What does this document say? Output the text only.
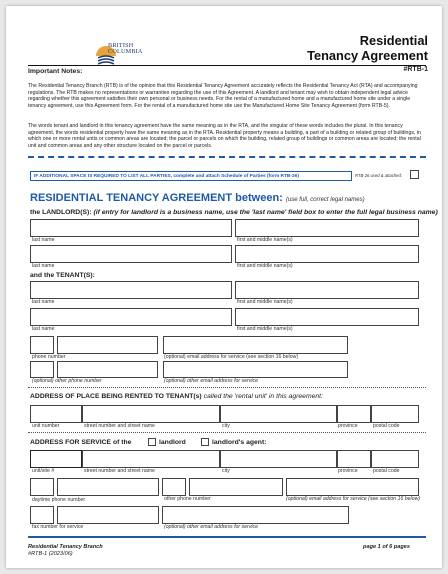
BRITISH
COLUMBIA
Residential
Tenancy Agreement
#RTB-1
Important Notes:
The Residential Tenancy Branch (RTB) is of the opinion that this Residential Tenancy Agreement accurately reflects the Residential Tenancy Act (RTA) and accompanying regulations. The RTB makes no representations or warranties regarding the use of this Agreement. A landlord and tenant may wish to obtain independent legal advice regarding whether this agreement satisfies their own personal or business needs. For the rental of a manufactured home and a manufactured home site under a single tenancy agreement, use this Agreement form. For the rental of a manufactured home site use the Manufactured Home Site Tenancy Agreement (form RTB-5).
The words tenant and landlord in this tenancy agreement have the same meaning as in the RTA, and the singular of these words includes the plural. In this tenancy agreement, the words residential property have the same meaning as in the RTA. Residential property means a building, a part of a building or related group of buildings, in which one or more rental units or common areas are located; the parcel or parcels on which the building, related group of buildings or common areas are located; the rental unit and common areas and any other structure located on the parcel or parcels.
IF ADDITIONAL SPACE IS REQUIRED TO LIST ALL PARTIES, complete and attach Schedule of Parties (form RTB-26)	RTB-26 used & attached:
RESIDENTIAL TENANCY AGREEMENT between: (use full, correct legal names)
the LANDLORD(S): (if entry for landlord is a business name, use the 'last name' field box to enter the full legal business name)
last name	first and middle name(s)
last name	first and middle name(s)
and the TENANT(S):
last name	first and middle name(s)
last name	first and middle name(s)
phone number	(optional) email address for service (see section 16 below)
(optional) other phone number	(optional) other email address for service
ADDRESS OF PLACE BEING RENTED TO TENANT(s) called the 'rental unit' in this agreement:
unit number	street number and street name	city	province	postal code
ADDRESS FOR SERVICE of the	landlord	landlord's agent:
unit/site #	street number and street name	city	province	postal code
daytime phone number	other phone number	(optional) email address for service (see section 16 below)
fax number for service	(optional) other email address for service
Residential Tenancy Branch
#RTB-1 (2023/06)
page 1 of 6 pages
